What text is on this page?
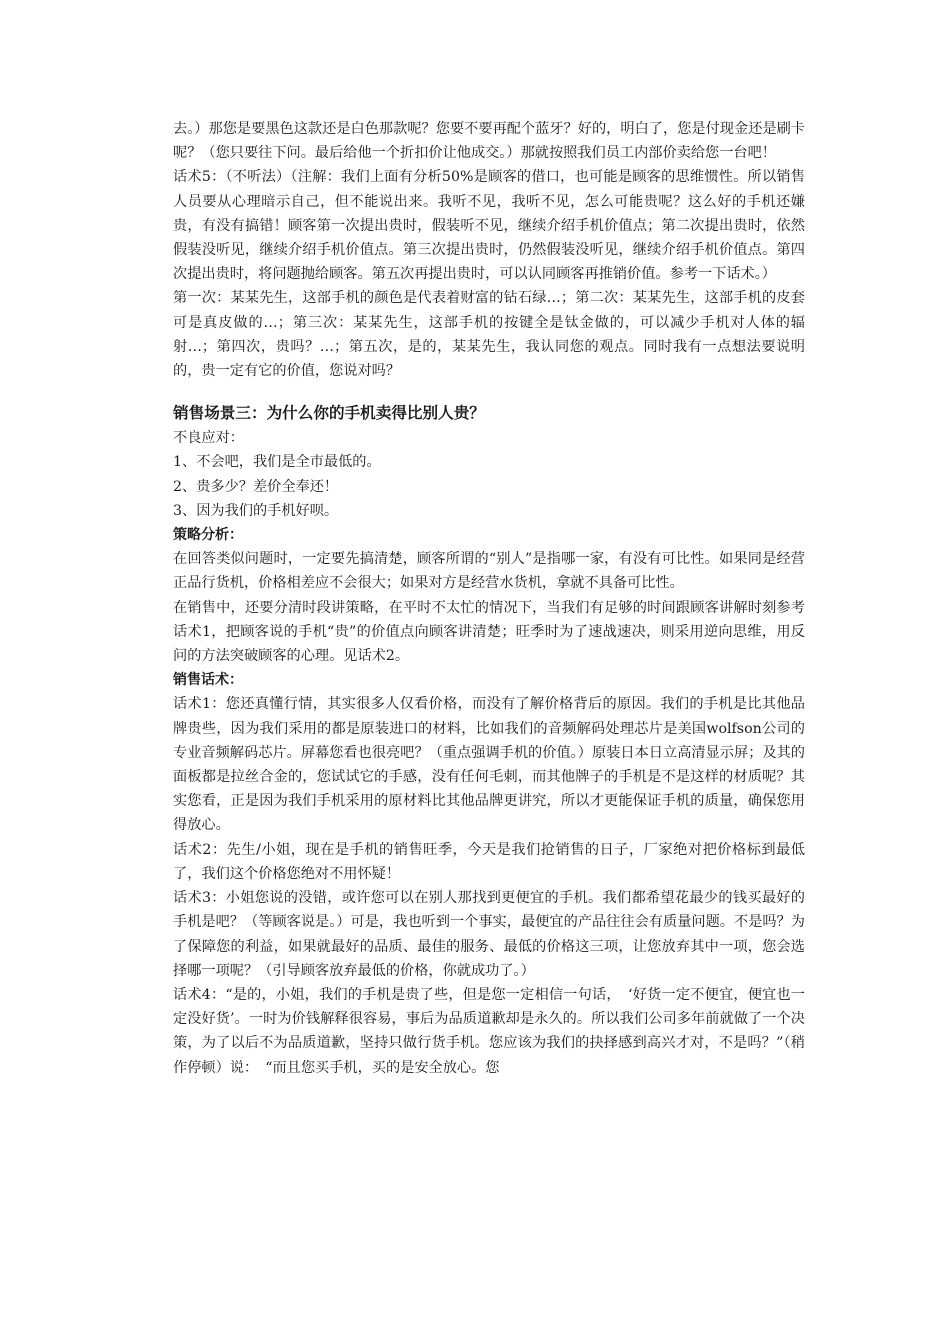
去。）那您是要黑色这款还是白色那款呢？您要不要再配个蓝牙？好的，明白了，您是付现金还是刷卡呢？（您只要往下问。最后给他一个折扣价让他成交。）那就按照我们员工内部价卖给您一台吧！

话术5：（不听法）（注解：我们上面有分析50%是顾客的借口，也可能是顾客的思维惯性。所以销售人员要从心理暗示自己，但不能说出来。我听不见，我听不见，怎么可能贵呢？这么好的手机还嫌贵，有没有搞错！顾客第一次提出贵时，假装听不见，继续介绍手机价值点；第二次提出贵时，依然假装没听见，继续介绍手机价值点。第三次提出贵时，仍然假装没听见，继续介绍手机价值点。第四次提出贵时，将问题抛给顾客。第五次再提出贵时，可以认同顾客再推销价值。参考一下话术。）

第一次：某某先生，这部手机的颜色是代表着财富的钻石绿…；第二次：某某先生，这部手机的皮套可是真皮做的…；第三次：某某先生，这部手机的按键全是钛金做的，可以减少手机对人体的辐射…；第四次，贵吗？…；第五次，是的，某某先生，我认同您的观点。同时我有一点想法要说明的，贵一定有它的价值，您说对吗？

销售场景三：为什么你的手机卖得比别人贵？

不良应对：

1、不会吧，我们是全市最低的。

2、贵多少？差价全奉还！

3、因为我们的手机好呗。

策略分析：

在回答类似问题时，一定要先搞清楚，顾客所谓的“别人”是指哪一家，有没有可比性。如果同是经营正品行货机，价格相差应不会很大；如果对方是经营水货机，拿就不具备可比性。

在销售中，还要分清时段讲策略，在平时不太忙的情况下，当我们有足够的时间跟顾客讲解时刻参考话术1，把顾客说的手机“贵”的价值点向顾客讲清楚；旺季时为了速战速决，则采用逆向思维，用反问的方法突破顾客的心理。见话术2。

销售话术：

话术1：您还真懂行情，其实很多人仅看价格，而没有了解价格背后的原因。我们的手机是比其他品牌贵些，因为我们采用的都是原装进口的材料，比如我们的音频解码处理芯片是美国wolfson公司的专业音频解码芯片。屏幕您看也很亮吧？（重点强调手机的价值。）原装日本日立高清显示屏；及其的面板都是拉丝合金的，您试试它的手感，没有任何毛刺，而其他牌子的手机是不是这样的材质呢？其实您看，正是因为我们手机采用的原材料比其他品牌更讲究，所以才更能保证手机的质量，确保您用得放心。

话术2：先生/小姐，现在是手机的销售旺季，今天是我们抢销售的日子，厂家绝对把价格标到最低了，我们这个价格您绝对不用怀疑！

话术3：小姐您说的没错，或许您可以在别人那找到更便宜的手机。我们都希望花最少的钱买最好的手机是吧？（等顾客说是。）可是，我也听到一个事实，最便宜的产品往往会有质量问题。不是吗？为了保障您的利益，如果就最好的品质、最佳的服务、最低的价格这三项，让您放弃其中一项，您会选择哪一项呢？（引导顾客放弃最低的价格，你就成功了。）

话术4：“是的，小姐，我们的手机是贵了些，但是您一定相信一句话，　‘好货一定不便宜，便宜也一定没好货’。一时为价钱解释很容易，事后为品质道歉却是永久的。所以我们公司多年前就做了一个决策，为了以后不为品质道歉，坚持只做行货手机。您应该为我们的抉择感到高兴才对，不是吗？”（稍作停顿）说：　“而且您买手机，买的是安全放心。您
